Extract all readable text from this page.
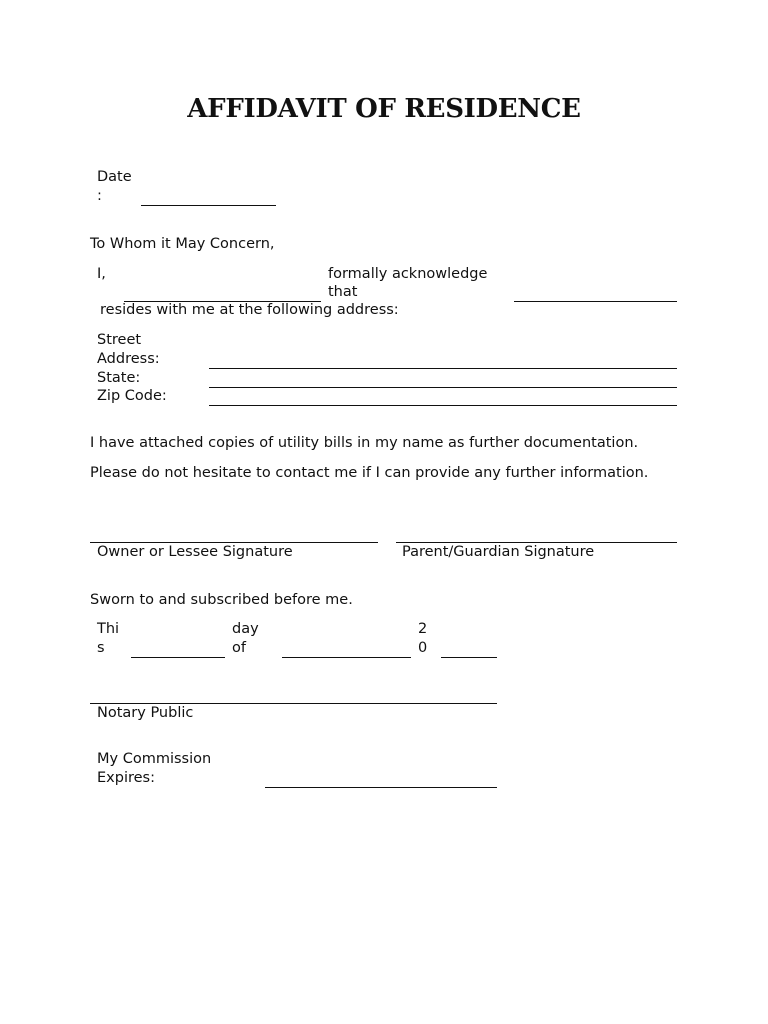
AFFIDAVIT OF RESIDENCE
Date
:
To Whom it May Concern,
I,	formally acknowledge
that
resides with me at the following address:
Street
Address:
State:
Zip Code:
I have attached copies of utility bills in my name as further documentation.
Please do not hesitate to contact me if I can provide any further information.
Owner or Lessee Signature	Parent/Guardian Signature
Sworn to and subscribed before me.
Thi
s
day
of
2
0
Notary Public
My Commission
Expires:
